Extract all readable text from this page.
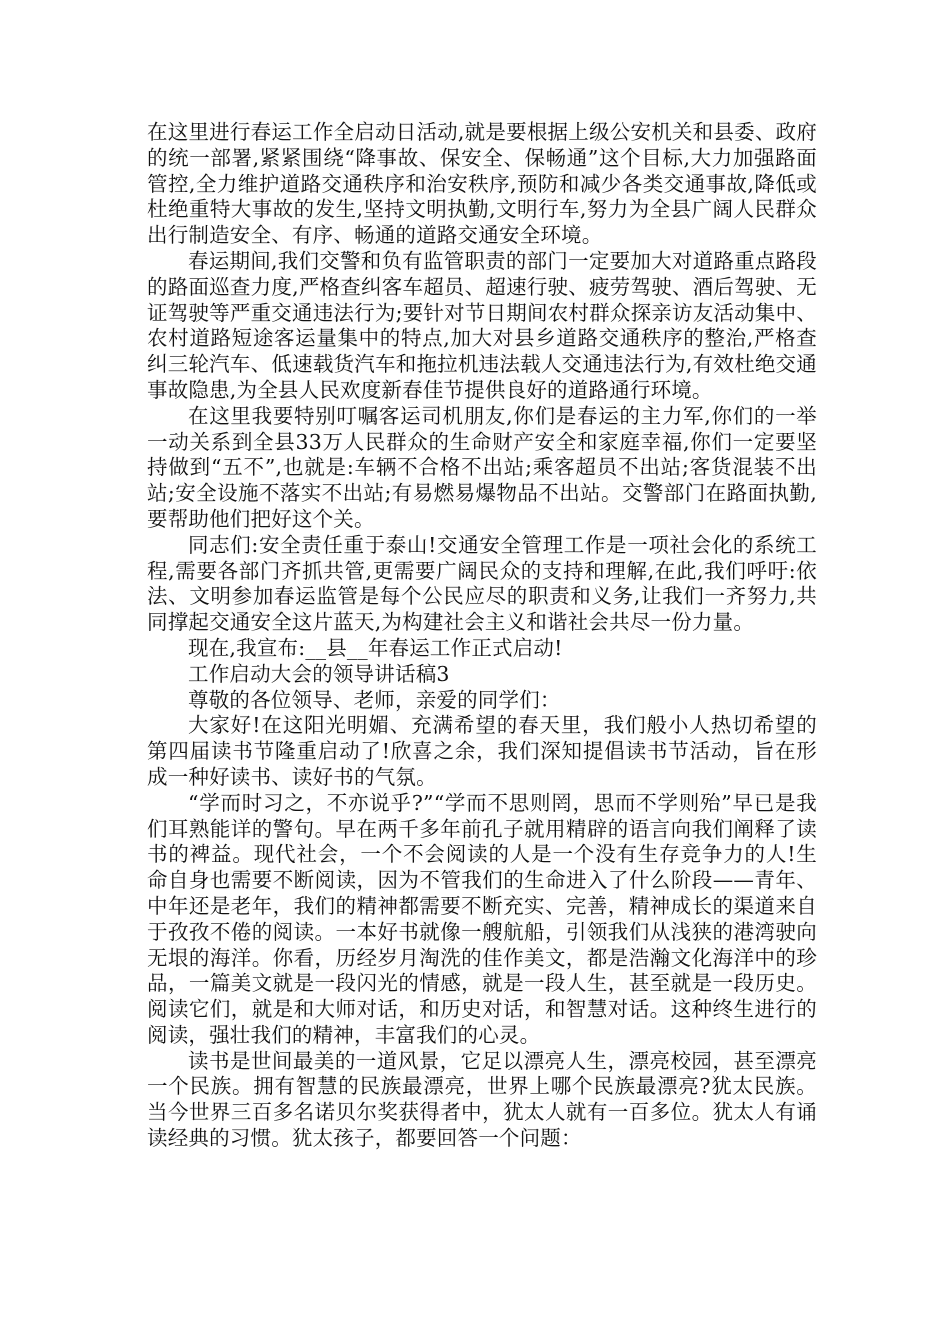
在这里进行春运工作全启动日活动,就是要根据上级公安机关和县委、政府的统一部署,紧紧围绕“降事故、保安全、保畅通”这个目标,大力加强路面管控,全力维护道路交通秩序和治安秩序,预防和减少各类交通事故,降低或杜绝重特大事故的发生,坚持文明执勤,文明行车,努力为全县广阔人民群众出行制造安全、有序、畅通的道路交通安全环境。

春运期间,我们交警和负有监管职责的部门一定要加大对道路重点路段的路面巡查力度,严格查纠客车超员、超速行驶、疲劳驾驶、酒后驾驶、无证驾驶等严重交通违法行为;要针对节日期间农村群众探亲访友活动集中、农村道路短途客运量集中的特点,加大对县乡道路交通秩序的整治,严格查纠三轮汽车、低速载货汽车和拖拉机违法载人交通违法行为,有效杜绝交通事故隐患,为全县人民欢度新春佳节提供良好的道路通行环境。

在这里我要特别叮嘱客运司机朋友,你们是春运的主力军,你们的一举一动关系到全县33万人民群众的生命财产安全和家庭幸福,你们一定要坚持做到“五不”,也就是:车辆不合格不出站;乘客超员不出站;客货混装不出站;安全设施不落实不出站;有易燃易爆物品不出站。交警部门在路面执勤,要帮助他们把好这个关。

同志们:安全责任重于泰山!交通安全管理工作是一项社会化的系统工程,需要各部门齐抓共管,更需要广阔民众的支持和理解,在此,我们呼吁:依法、文明参加春运监管是每个公民应尽的职责和义务,让我们一齐努力,共同撑起交通安全这片蓝天,为构建社会主义和谐社会共尽一份力量。

现在,我宣布:__县__年春运工作正式启动!

工作启动大会的领导讲话稿3

尊敬的各位领导、老师，亲爱的同学们：

大家好!在这阳光明媚、充满希望的春天里，我们般小人热切希望的第四届读书节隆重启动了!欣喜之余，我们深知提倡读书节活动，旨在形成一种好读书、读好书的气氛。

“学而时习之，不亦说乎?”“学而不思则罔，思而不学则殆”早已是我们耳熟能详的警句。早在两千多年前孔子就用精辟的语言向我们阐释了读书的裨益。现代社会，一个不会阅读的人是一个没有生存竞争力的人!生命自身也需要不断阅读，因为不管我们的生命进入了什么阶段——青年、中年还是老年，我们的精神都需要不断充实、完善，精神成长的渠道来自于孜孜不倦的阅读。一本好书就像一艘航船，引领我们从浅狭的港湾驶向无垠的海洋。你看，历经岁月淘洗的佳作美文，都是浩瀚文化海洋中的珍品，一篇美文就是一段闪光的情感，就是一段人生，甚至就是一段历史。阅读它们，就是和大师对话，和历史对话，和智慧对话。这种终生进行的阅读，强壮我们的精神，丰富我们的心灵。

读书是世间最美的一道风景，它足以漂亮人生，漂亮校园，甚至漂亮一个民族。拥有智慧的民族最漂亮，世界上哪个民族最漂亮?犹太民族。当今世界三百多名诺贝尔奖获得者中，犹太人就有一百多位。犹太人有诵读经典的习惯。犹太孩子，都要回答一个问题：
